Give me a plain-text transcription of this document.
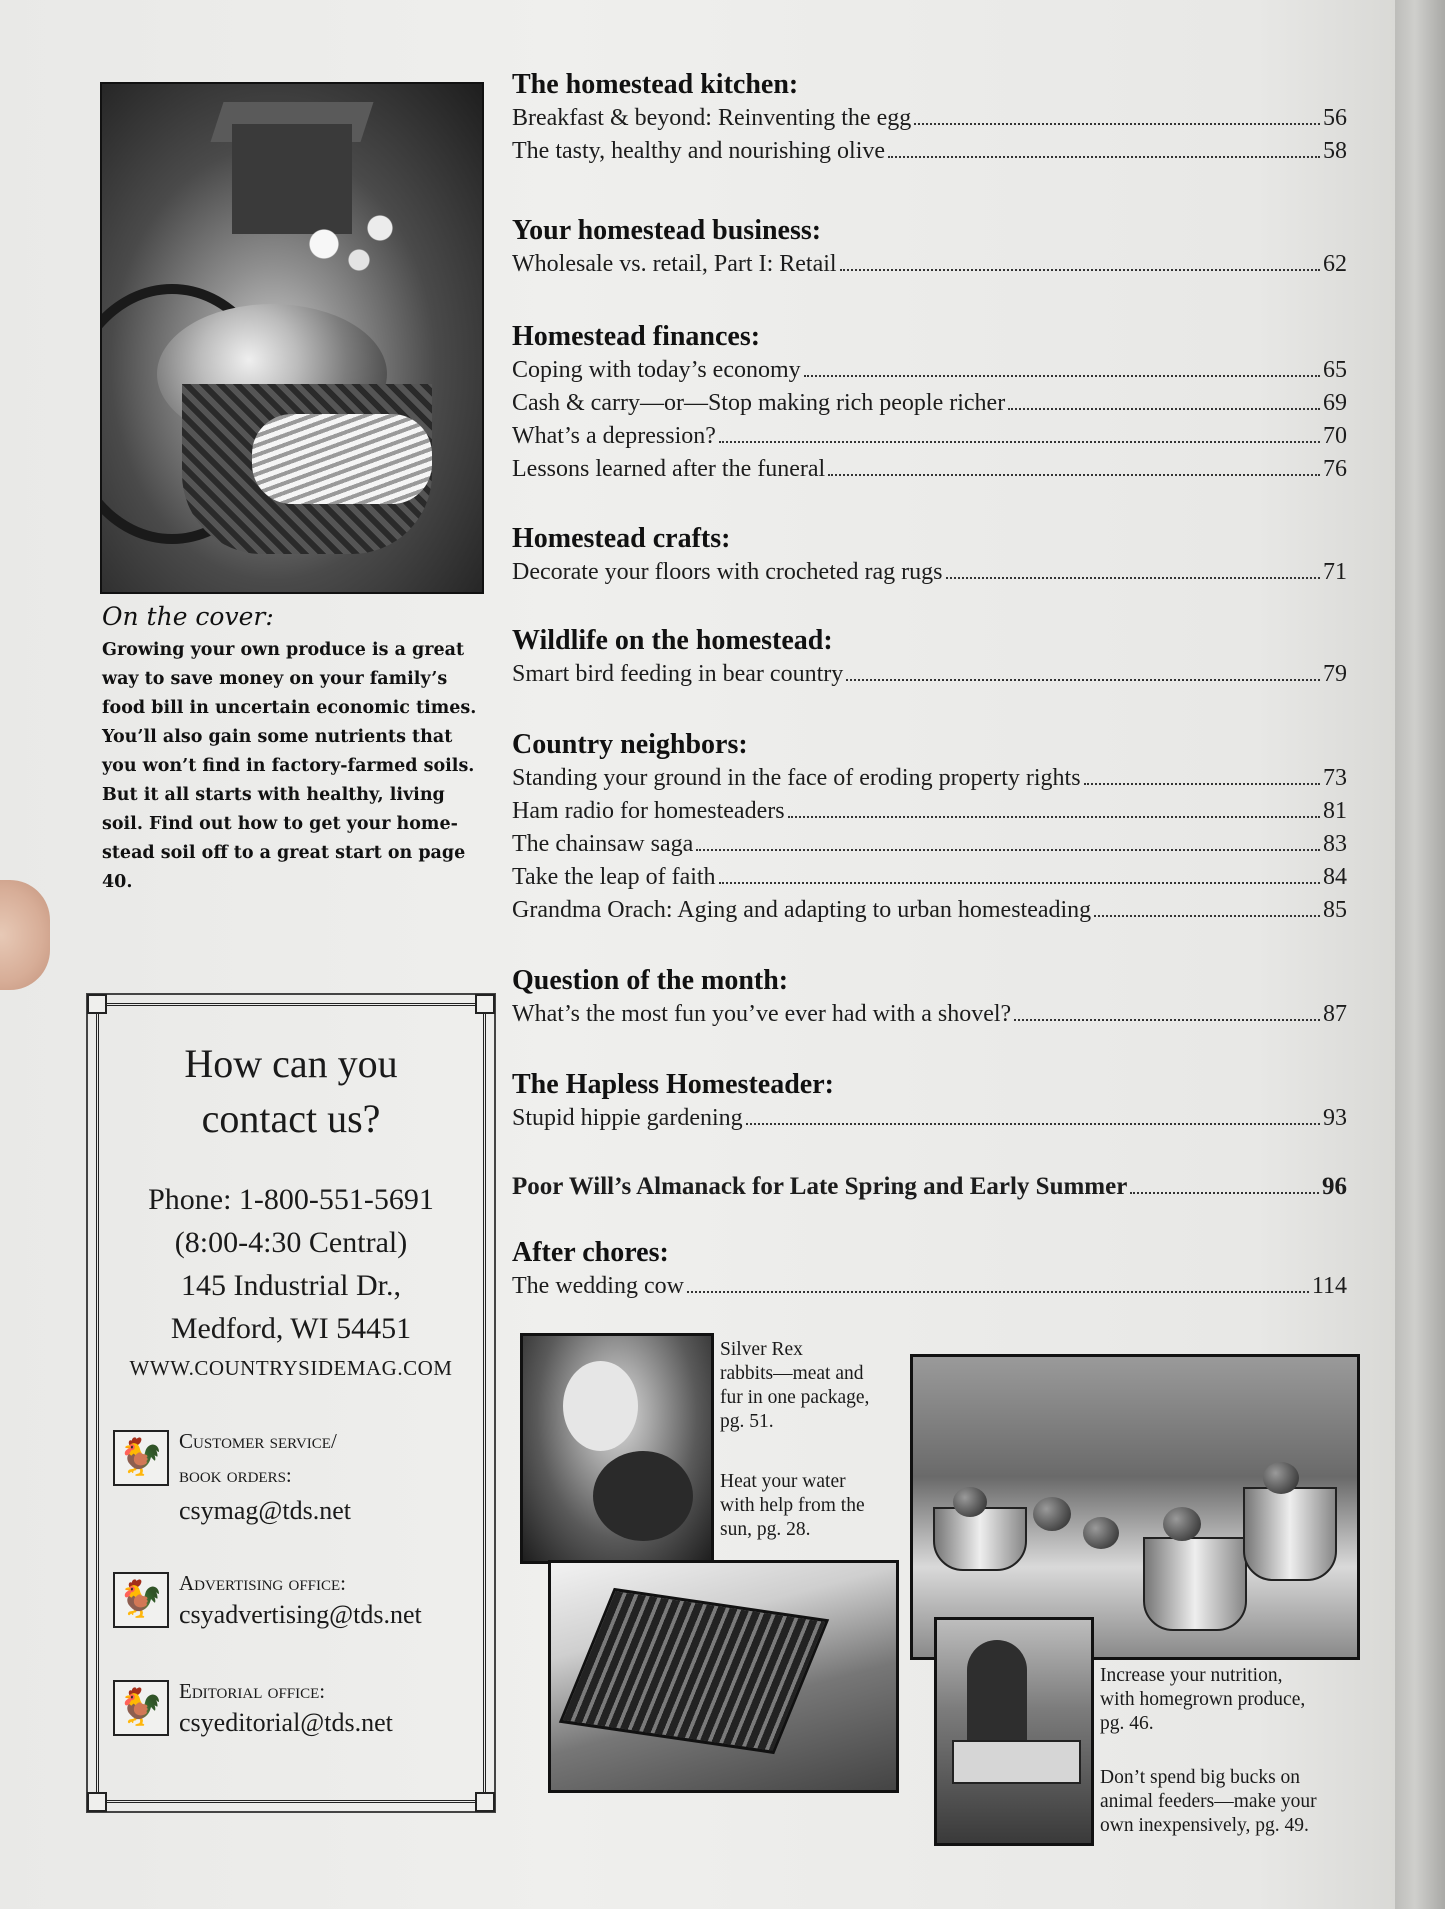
On the cover:
Growing your own produce is a great
way to save money on your family’s
food bill in uncertain economic times.
You’ll also gain some nutrients that
you won’t find in factory-farmed soils.
But it all starts with healthy, living
soil. Find out how to get your home-
stead soil off to a great start on page
40.
How can you
contact us?
Phone: 1-800-551-5691
(8:00-4:30 Central)
145 Industrial Dr.,
Medford, WI 54451
WWW.COUNTRYSIDEMAG.COM
🐓 Customer service/
book orders:
csymag@tds.net
🐓 Advertising office:
csyadvertising@tds.net
🐓 Editorial office:
csyeditorial@tds.net
The homestead kitchen:
Breakfast & beyond: Reinventing the egg	56
The tasty, healthy and nourishing olive	58
Your homestead business:
Wholesale vs. retail, Part I: Retail	62
Homestead finances:
Coping with today’s economy	65
Cash & carry—or—Stop making rich people richer	69
What’s a depression?	70
Lessons learned after the funeral	76
Homestead crafts:
Decorate your floors with crocheted rag rugs	71
Wildlife on the homestead:
Smart bird feeding in bear country	79
Country neighbors:
Standing your ground in the face of eroding property rights	73
Ham radio for homesteaders	81
The chainsaw saga	83
Take the leap of faith	84
Grandma Orach: Aging and adapting to urban homesteading	85
Question of the month:
What’s the most fun you’ve ever had with a shovel?	87
The Hapless Homesteader:
Stupid hippie gardening	93
Poor Will’s Almanack for Late Spring and Early Summer	96
After chores:
The wedding cow	114
Silver Rex
rabbits—meat and
fur in one package,
pg. 51.
Heat your water
with help from the
sun, pg. 28.
Increase your nutrition,
with homegrown produce,
pg. 46.
Don’t spend big bucks on
animal feeders—make your
own inexpensively, pg. 49.
